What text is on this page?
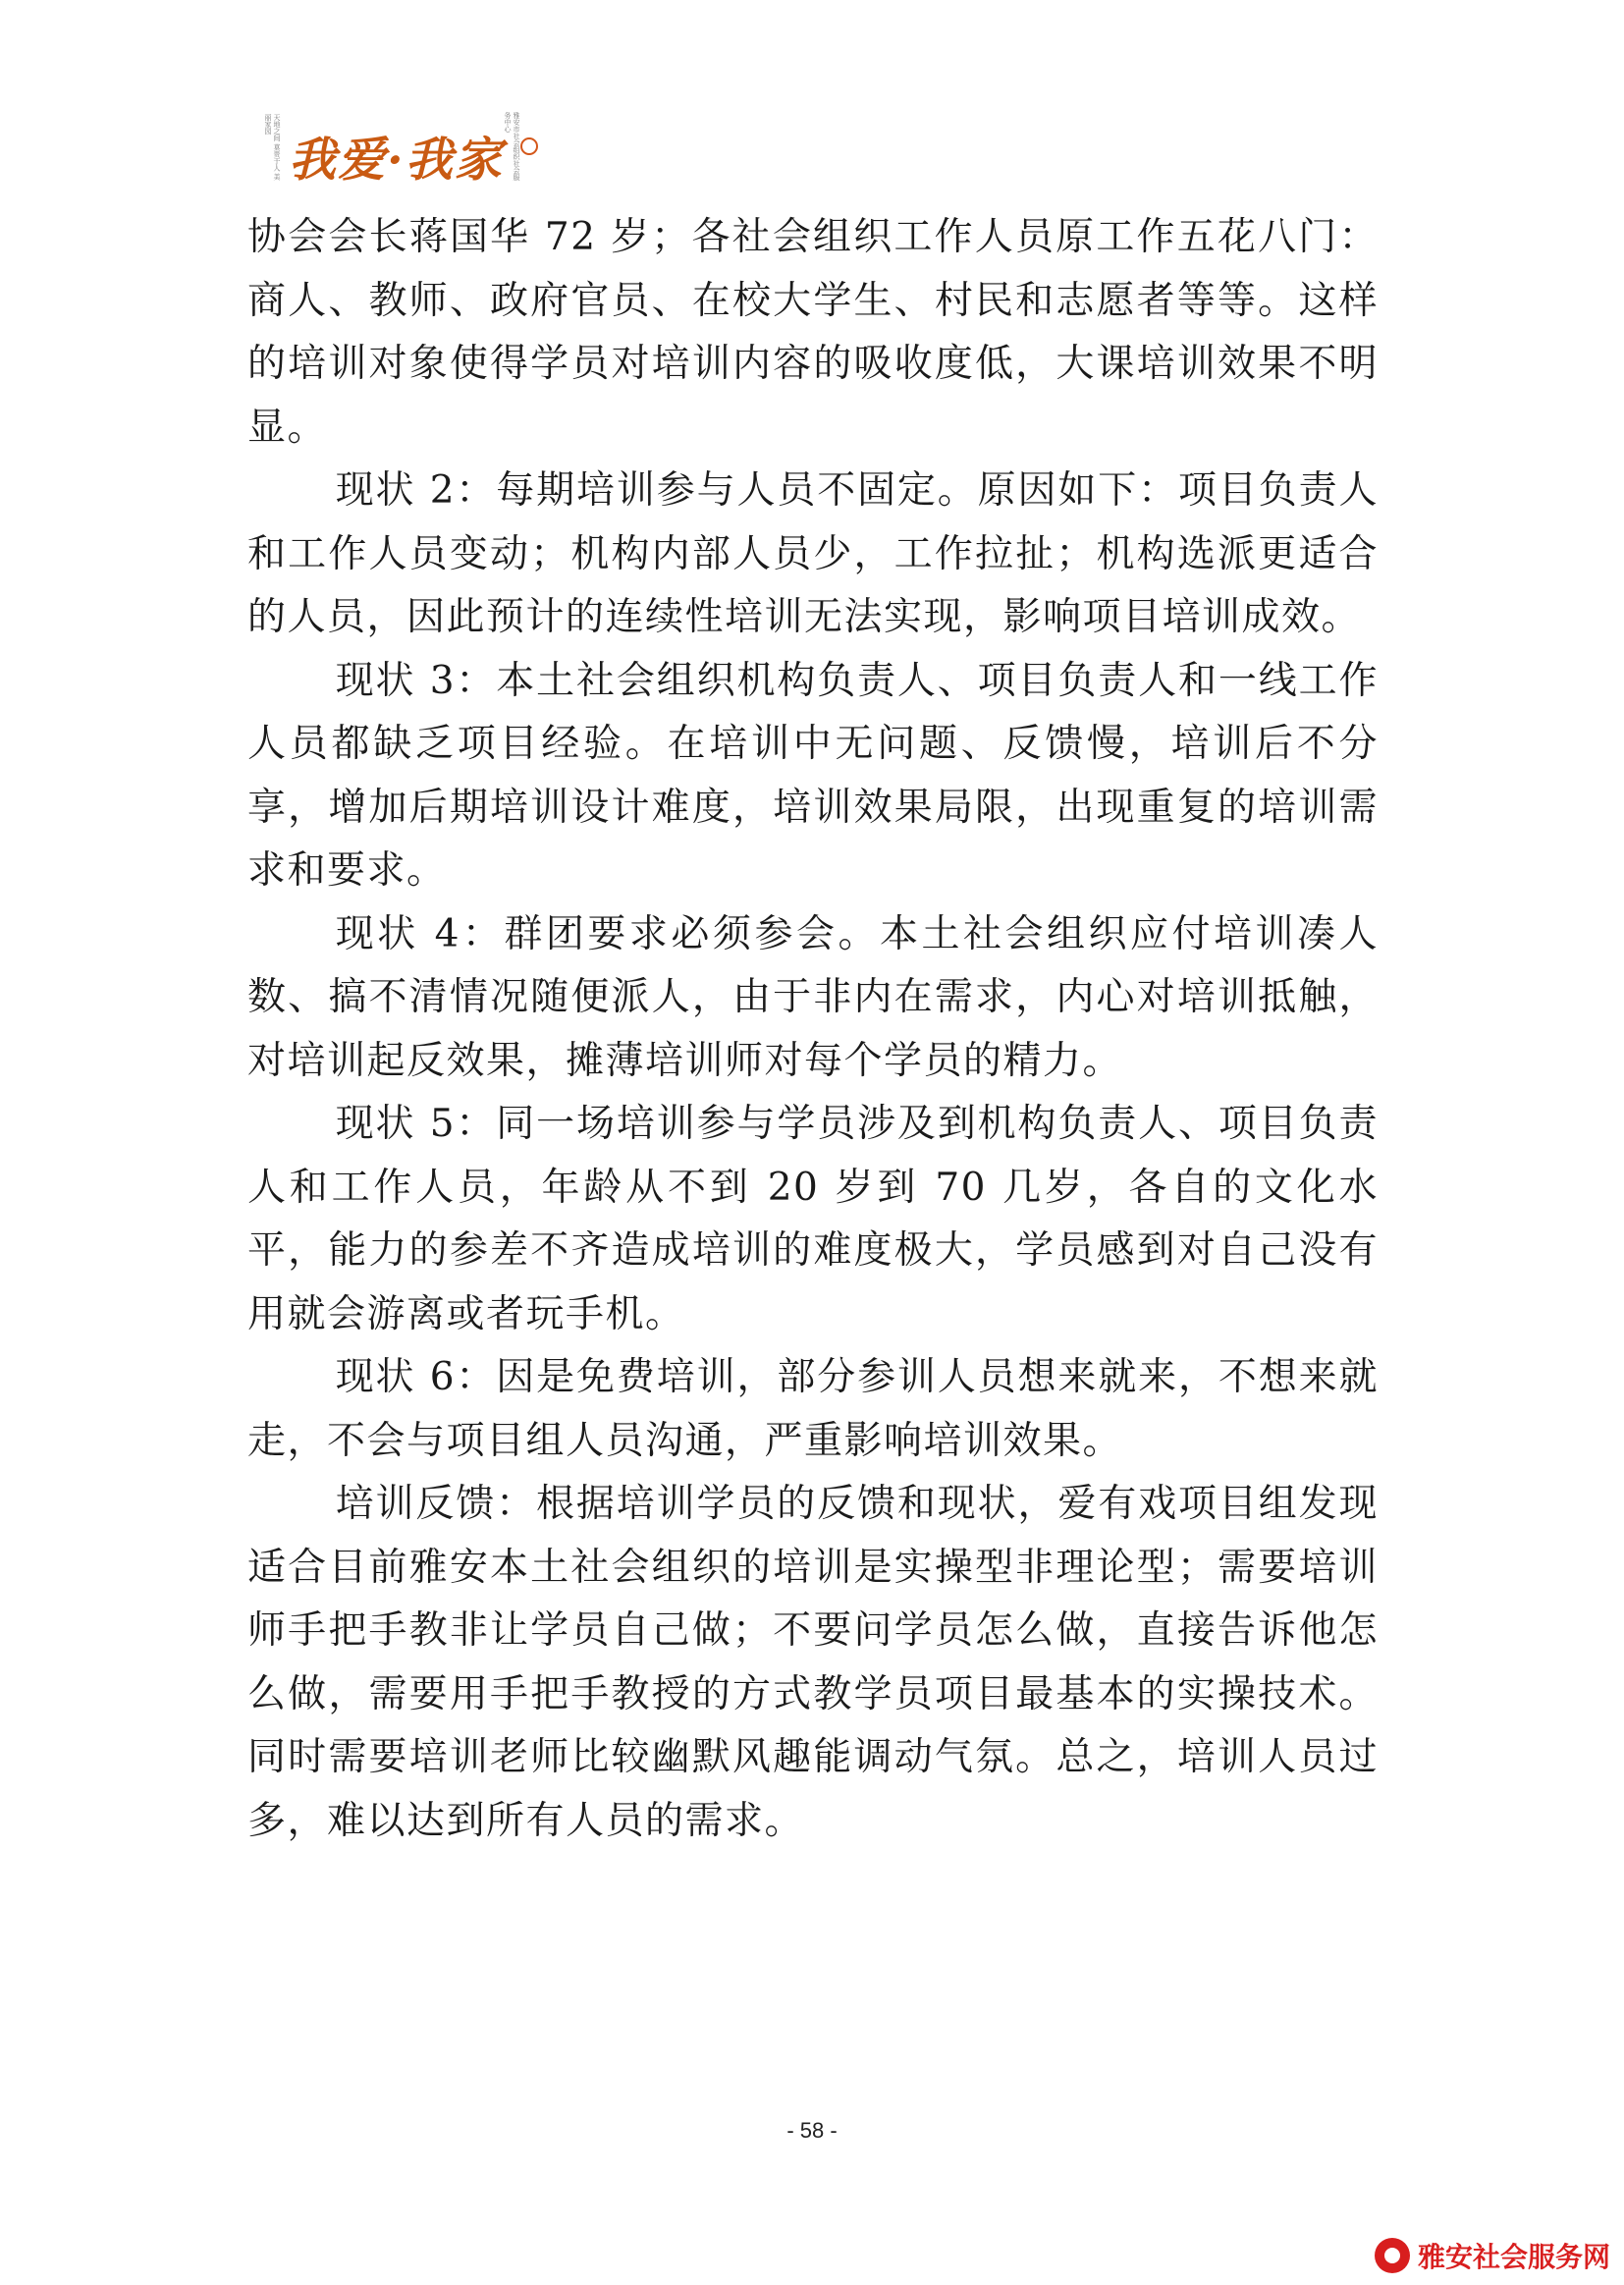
天地之间 莫贵于人 美丽家园
我爱·我家	雅安市社会组织社会服务中心

协会会长蒋国华 72 岁；各社会组织工作人员原工作五花八门：商人、教师、政府官员、在校大学生、村民和志愿者等等。这样的培训对象使得学员对培训内容的吸收度低，大课培训效果不明显。

现状 2：每期培训参与人员不固定。原因如下：项目负责人和工作人员变动；机构内部人员少，工作拉扯；机构选派更适合的人员，因此预计的连续性培训无法实现，影响项目培训成效。

现状 3：本土社会组织机构负责人、项目负责人和一线工作人员都缺乏项目经验。在培训中无问题、反馈慢，培训后不分享，增加后期培训设计难度，培训效果局限，出现重复的培训需求和要求。

现状 4：群团要求必须参会。本土社会组织应付培训凑人数、搞不清情况随便派人，由于非内在需求，内心对培训抵触，对培训起反效果，摊薄培训师对每个学员的精力。

现状 5：同一场培训参与学员涉及到机构负责人、项目负责人和工作人员，年龄从不到 20 岁到 70 几岁，各自的文化水平，能力的参差不齐造成培训的难度极大，学员感到对自己没有用就会游离或者玩手机。

现状 6：因是免费培训，部分参训人员想来就来，不想来就走，不会与项目组人员沟通，严重影响培训效果。

培训反馈：根据培训学员的反馈和现状，爱有戏项目组发现适合目前雅安本土社会组织的培训是实操型非理论型；需要培训师手把手教非让学员自己做；不要问学员怎么做，直接告诉他怎么做，需要用手把手教授的方式教学员项目最基本的实操技术。同时需要培训老师比较幽默风趣能调动气氛。总之，培训人员过多，难以达到所有人员的需求。

- 58 -
雅安社会服务网
